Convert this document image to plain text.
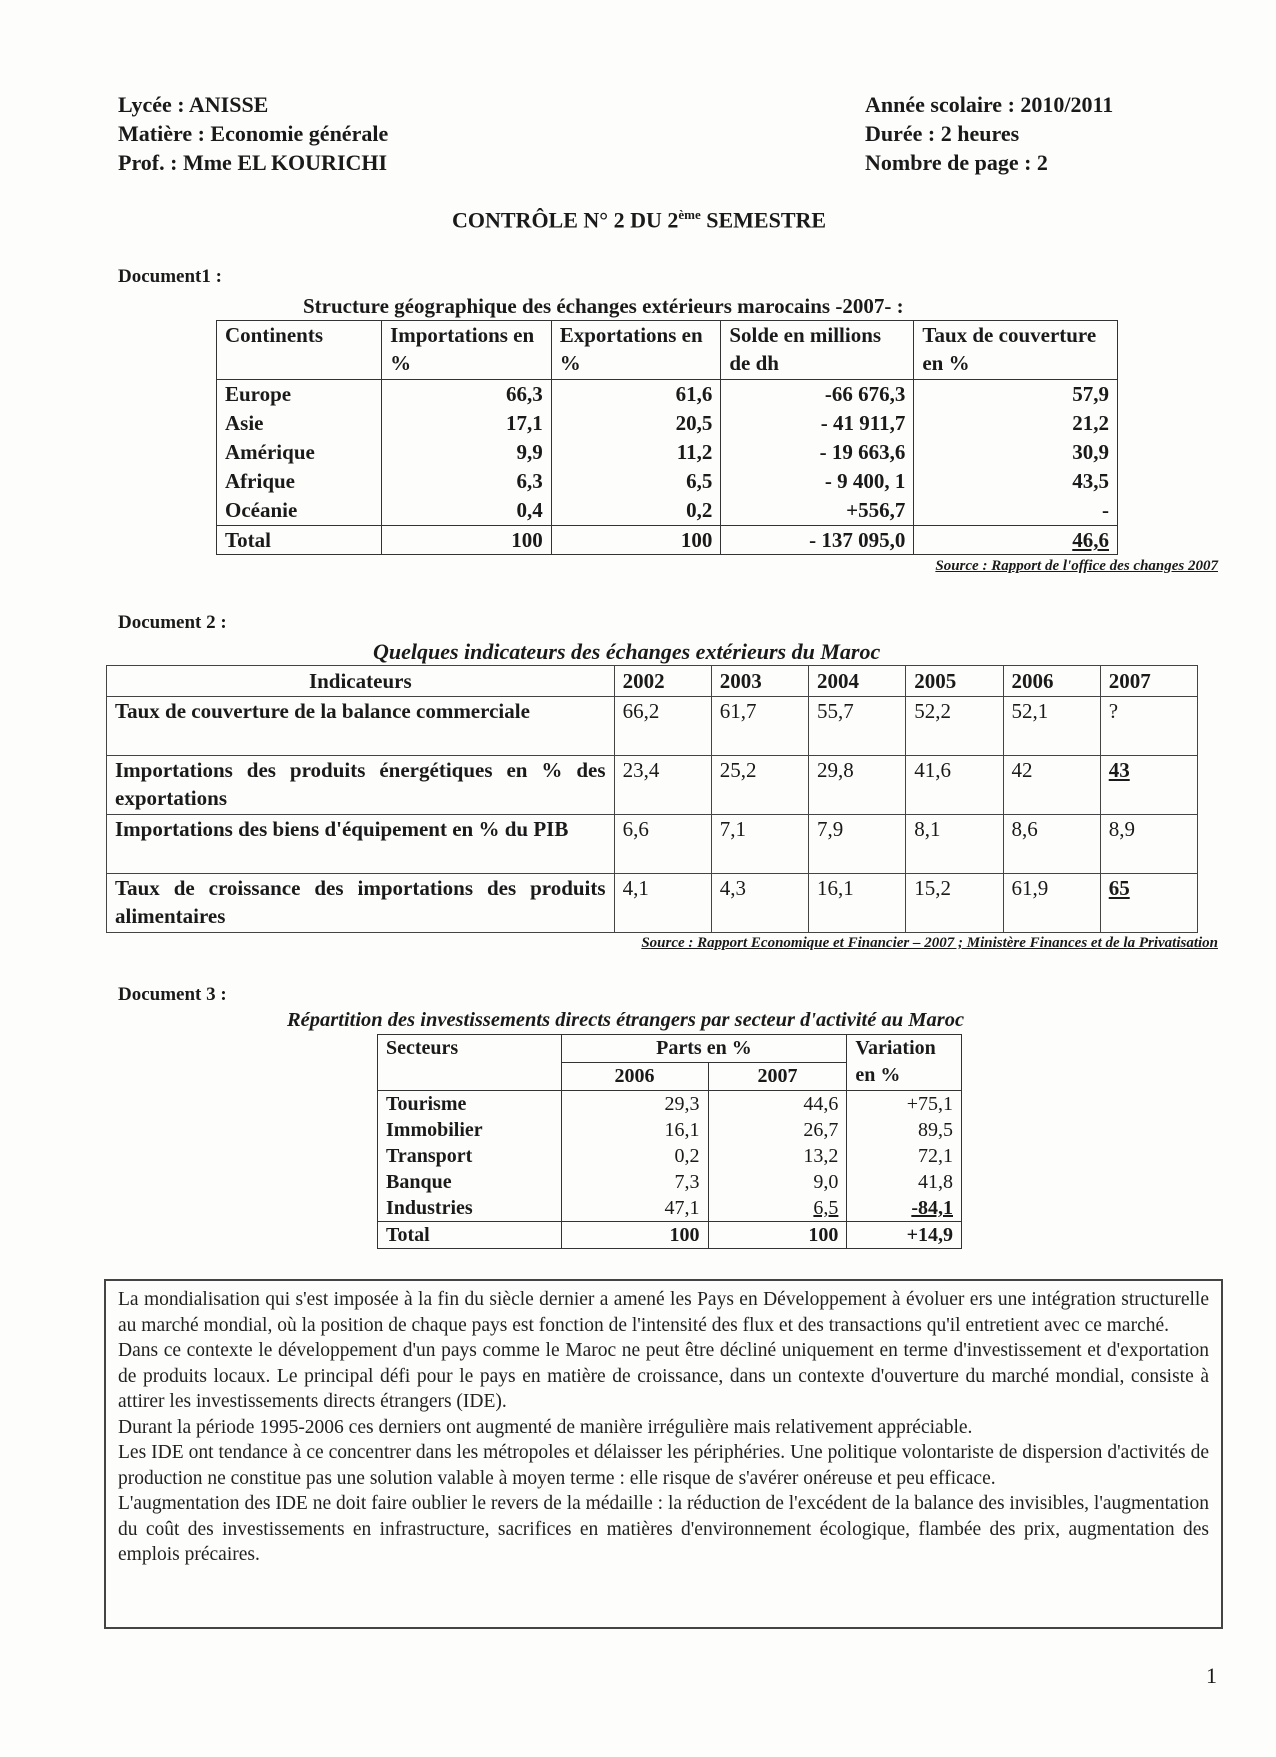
Lycée : ANISSE
Matière : Economie générale
Prof. : Mme EL KOURICHI
Année scolaire : 2010/2011
Durée : 2 heures
Nombre de page : 2
CONTRÔLE N° 2 DU 2ème SEMESTRE
Document1 :
Structure géographique des échanges extérieurs marocains -2007- :
Continents	Importations en %	Exportations en %	Solde en millions de dh	Taux de couverture en %
Europe	66,3	61,6	-66 676,3	57,9
Asie	17,1	20,5	- 41 911,7	21,2
Amérique	9,9	11,2	- 19 663,6	30,9
Afrique	6,3	6,5	- 9 400, 1	43,5
Océanie	0,4	0,2	+556,7	-
Total	100	100	- 137 095,0	46,6
Source : Rapport de l'office des changes 2007
Document 2 :
Quelques indicateurs des échanges extérieurs du Maroc
Indicateurs	2002	2003	2004	2005	2006	2007
Taux de couverture de la balance commerciale	66,2	61,7	55,7	52,2	52,1	?
Importations des produits énergétiques en % des exportations	23,4	25,2	29,8	41,6	42	43
Importations des biens d'équipement en % du PIB	6,6	7,1	7,9	8,1	8,6	8,9
Taux de croissance des importations des produits alimentaires	4,1	4,3	16,1	15,2	61,9	65
Source : Rapport Economique et Financier – 2007 ; Ministère Finances et de la Privatisation
Document 3 :
Répartition des investissements directs étrangers par secteur d'activité au Maroc
Secteurs	Parts en %		Variation en %
	2006	2007	
Tourisme	29,3	44,6	+75,1
Immobilier	16,1	26,7	89,5
Transport	0,2	13,2	72,1
Banque	7,3	9,0	41,8
Industries	47,1	6,5	-84,1
Total	100	100	+14,9

La mondialisation qui s'est imposée à la fin du siècle dernier a amené les Pays en Développement à évoluer ers une intégration structurelle au marché mondial, où la position de chaque pays est fonction de l'intensité des flux et des transactions qu'il entretient avec ce marché.

Dans ce contexte le développement d'un pays comme le Maroc ne peut être décliné uniquement en terme d'investissement et d'exportation de produits locaux. Le principal défi pour le pays en matière de croissance, dans un contexte d'ouverture du marché mondial, consiste à attirer les investissements directs étrangers (IDE).

Durant la période 1995-2006 ces derniers ont augmenté de manière irrégulière mais relativement appréciable.

Les IDE ont tendance à ce concentrer dans les métropoles et délaisser les périphéries. Une politique volontariste de dispersion d'activités de production ne constitue pas une solution valable à moyen terme : elle risque de s'avérer onéreuse et peu efficace.

L'augmentation des IDE ne doit faire oublier le revers de la médaille : la réduction de l'excédent de la balance des invisibles, l'augmentation du coût des investissements en infrastructure, sacrifices en matières d'environnement écologique, flambée des prix, augmentation des emplois précaires.

1
